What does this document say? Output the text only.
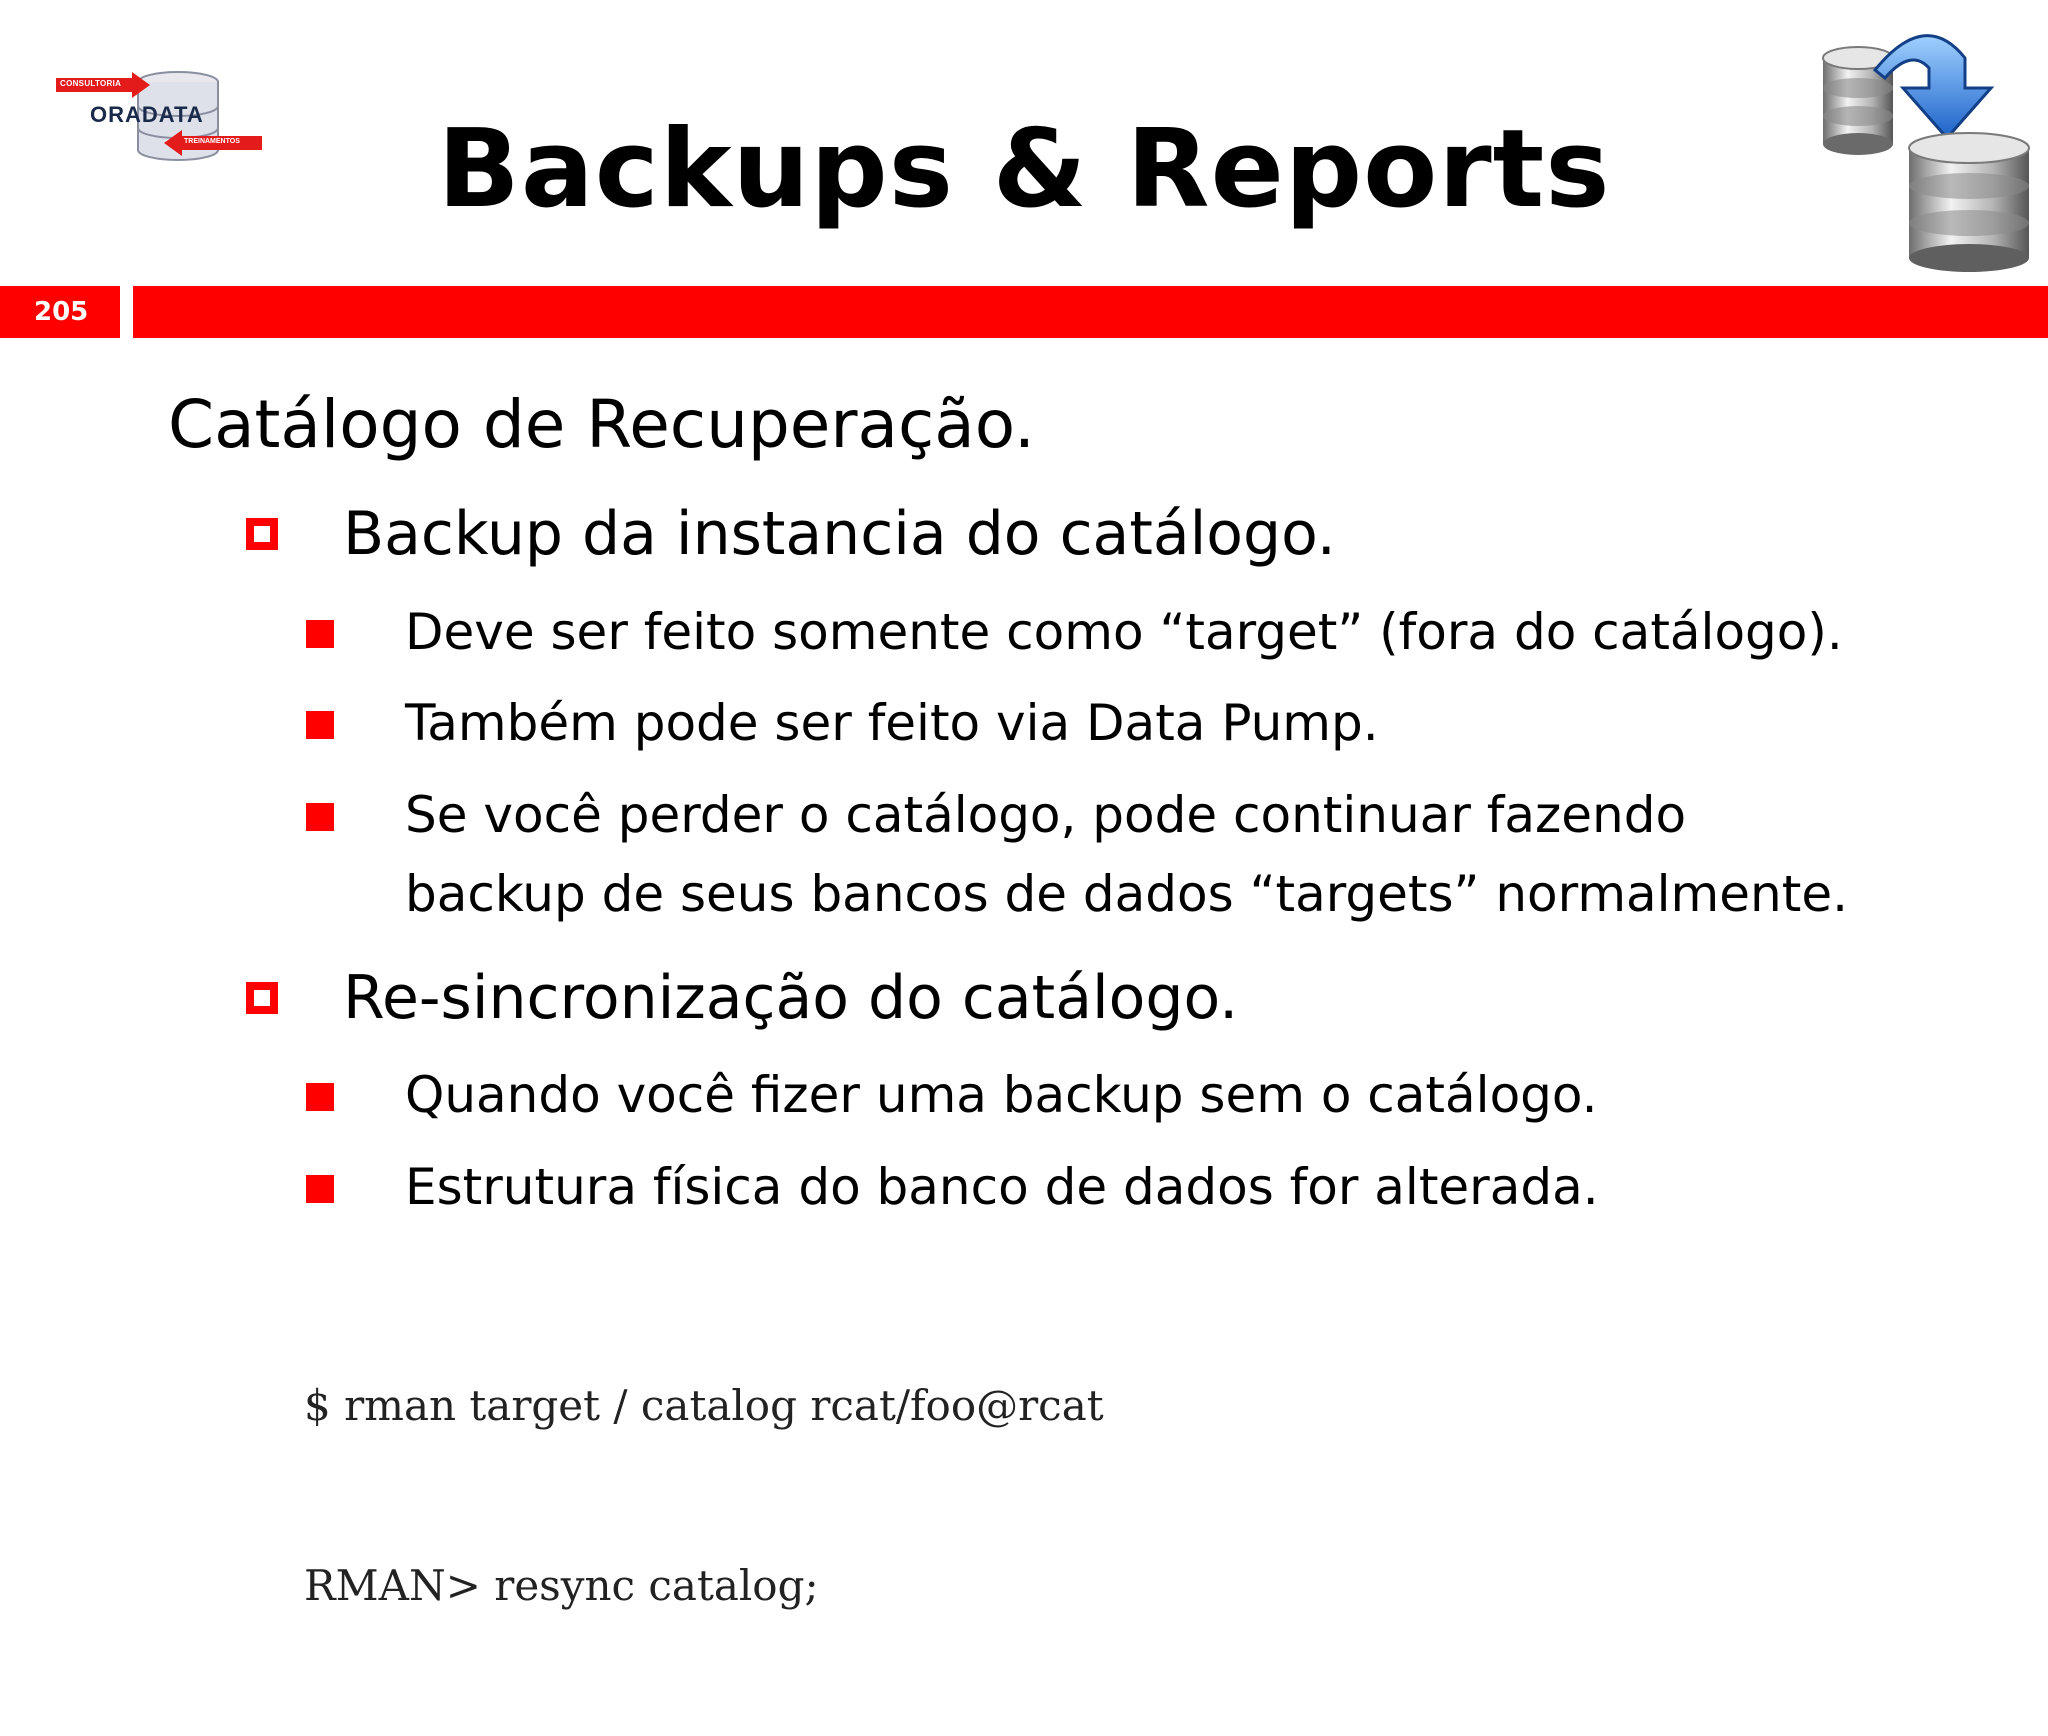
CONSULTORIA
ORADATA
TREINAMENTOS	Backups & Reports
205
Catálogo de Recuperação.
Backup da instancia do catálogo.
Deve ser feito somente como “target” (fora do catálogo).
Também pode ser feito via Data Pump.
Se você perder o catálogo, pode continuar fazendo
backup de seus bancos de dados “targets” normalmente.
Re-sincronização do catálogo.
Quando você fizer uma backup sem o catálogo.
Estrutura física do banco de dados for alterada.

$ rman target / catalog rcat/foo@rcat

RMAN> resync catalog;
